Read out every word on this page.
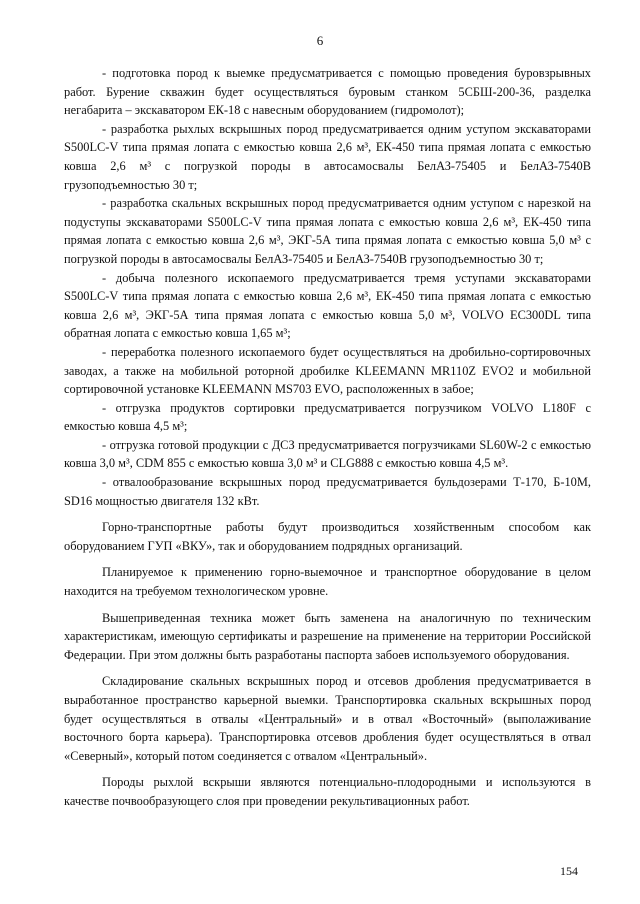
6

- подготовка пород к выемке предусматривается с помощью проведения буровзрывных работ. Бурение скважин будет осуществляться буровым станком 5СБШ-200-36, разделка негабарита – экскаватором ЕК-18 с навесным оборудованием (гидромолот);

- разработка рыхлых вскрышных пород предусматривается одним уступом экскаваторами S500LC-V типа прямая лопата с емкостью ковша 2,6 м³, ЕК-450 типа прямая лопата с емкостью ковша 2,6 м³ с погрузкой породы в автосамосвалы БелАЗ-75405 и БелАЗ-7540В грузоподъемностью 30 т;

- разработка скальных вскрышных пород предусматривается одним уступом с нарезкой на подуступы экскаваторами S500LC-V типа прямая лопата с емкостью ковша 2,6 м³, ЕК-450 типа прямая лопата с емкостью ковша 2,6 м³, ЭКГ-5А типа прямая лопата с емкостью ковша 5,0 м³ с погрузкой породы в автосамосвалы БелАЗ-75405 и БелАЗ-7540В грузоподъемностью 30 т;

- добыча полезного ископаемого предусматривается тремя уступами экскаваторами S500LC-V типа прямая лопата с емкостью ковша 2,6 м³, ЕК-450 типа прямая лопата с емкостью ковша 2,6 м³, ЭКГ-5А типа прямая лопата с емкостью ковша 5,0 м³, VOLVO EC300DL типа обратная лопата с емкостью ковша 1,65 м³;

- переработка полезного ископаемого будет осуществляться на дробильно-сортировочных заводах, а также на мобильной роторной дробилке KLEEMANN MR110Z EVO2 и мобильной сортировочной установке KLEEMANN MS703 EVO, расположенных в забое;

- отгрузка продуктов сортировки предусматривается погрузчиком VOLVO L180F с емкостью ковша 4,5 м³;

- отгрузка готовой продукции с ДСЗ предусматривается погрузчиками SL60W-2 с емкостью ковша 3,0 м³, CDM 855 с емкостью ковша 3,0 м³ и CLG888 с емкостью ковша 4,5 м³.

- отвалообразование вскрышных пород предусматривается бульдозерами Т-170, Б-10М, SD16 мощностью двигателя 132 кВт.

Горно-транспортные работы будут производиться хозяйственным способом как оборудованием ГУП «ВКУ», так и оборудованием подрядных организаций.

Планируемое к применению горно-выемочное и транспортное оборудование в целом находится на требуемом технологическом уровне.

Вышеприведенная техника может быть заменена на аналогичную по техническим характеристикам, имеющую сертификаты и разрешение на применение на территории Российской Федерации. При этом должны быть разработаны паспорта забоев используемого оборудования.

Складирование скальных вскрышных пород и отсевов дробления предусматривается в выработанное пространство карьерной выемки. Транспортировка скальных вскрышных пород будет осуществляться в отвалы «Центральный» и в отвал «Восточный» (выполаживание восточного борта карьера). Транспортировка отсевов дробления будет осуществляться в отвал «Северный», который потом соединяется с отвалом «Центральный».

Породы рыхлой вскрыши являются потенциально-плодородными и используются в качестве почвообразующего слоя при проведении рекультивационных работ.

154
